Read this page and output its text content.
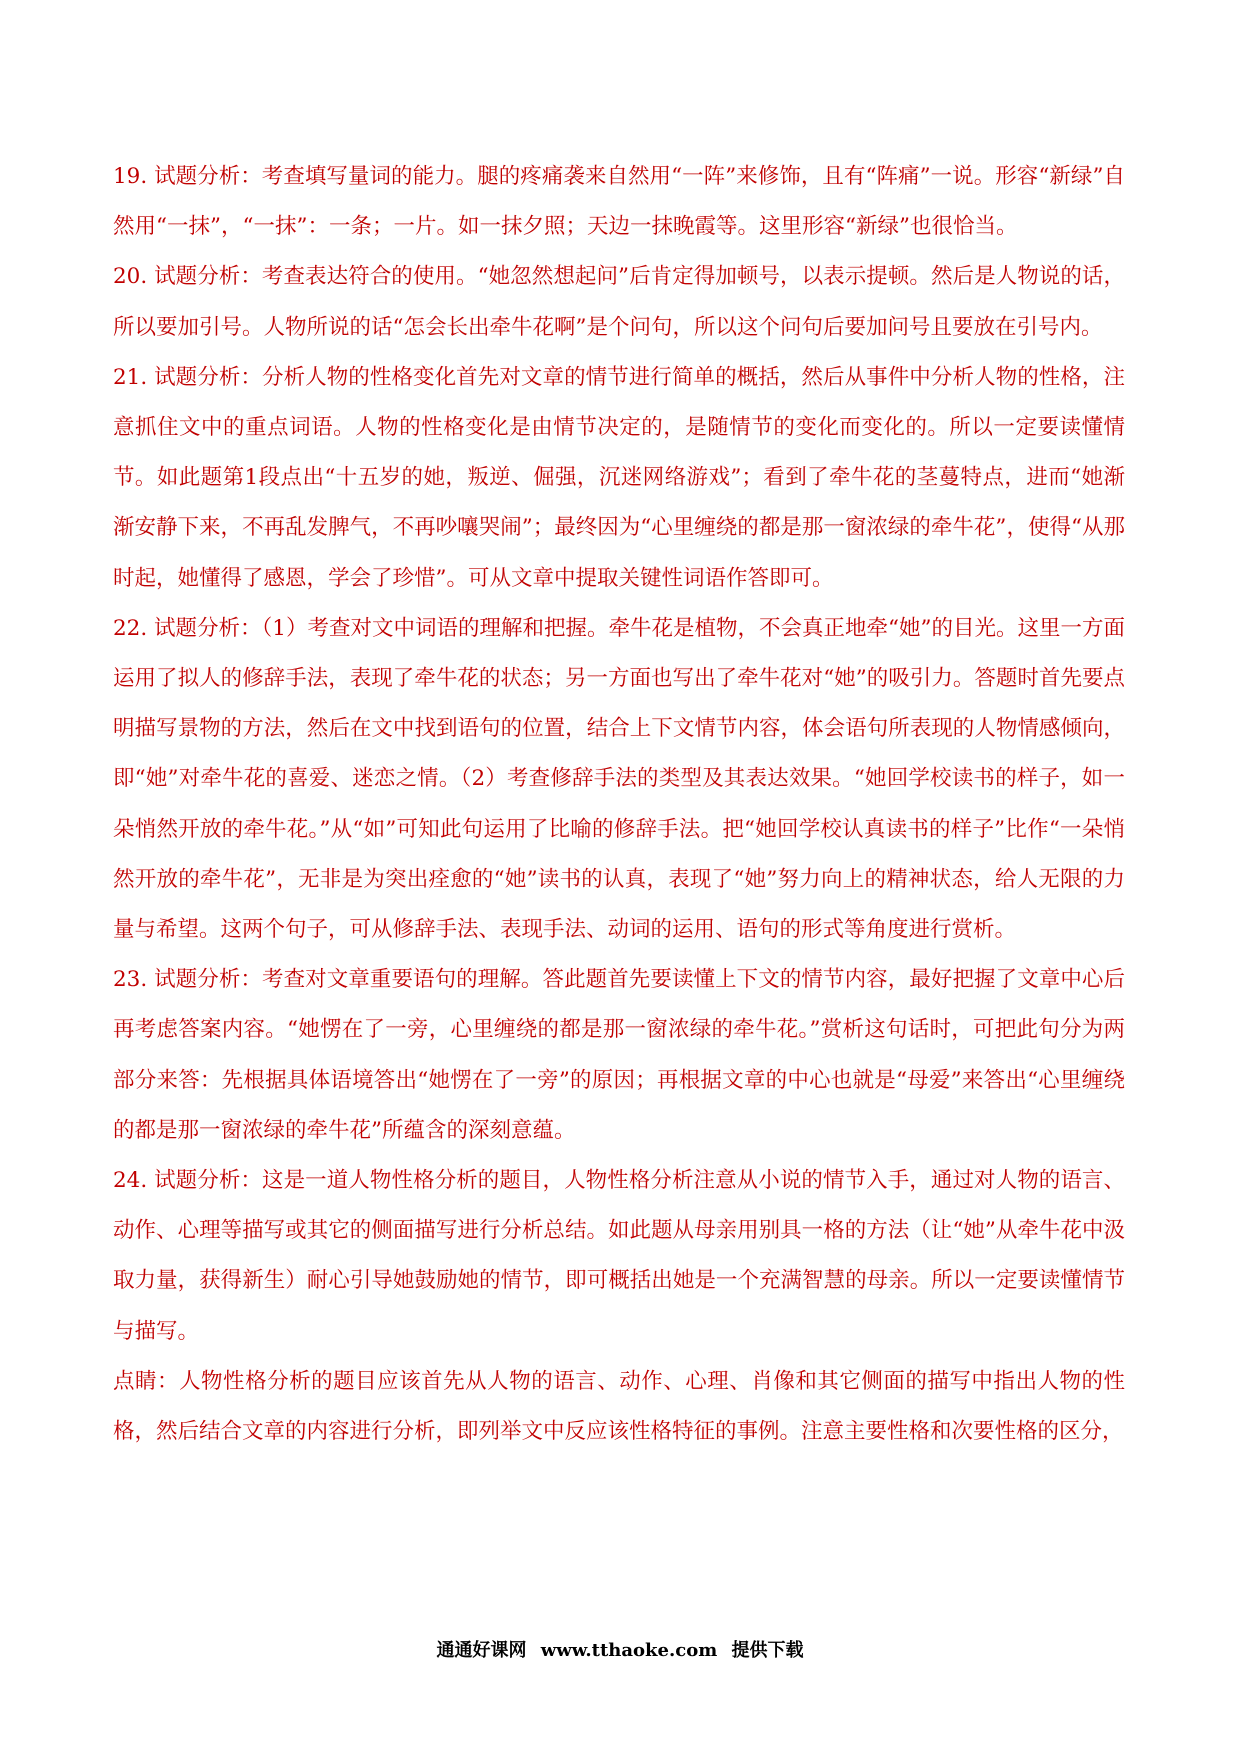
19. 试题分析：考查填写量词的能力。腿的疼痛袭来自然用“一阵”来修饰，且有“阵痛”一说。形容“新绿”自然用“一抹”，“一抹”：一条；一片。如一抹夕照；天边一抹晚霞等。这里形容“新绿”也很恰当。

20. 试题分析：考查表达符合的使用。“她忽然想起问”后肯定得加顿号，以表示提顿。然后是人物说的话，所以要加引号。人物所说的话“怎会长出牵牛花啊”是个问句，所以这个问句后要加问号且要放在引号内。

21. 试题分析：分析人物的性格变化首先对文章的情节进行简单的概括，然后从事件中分析人物的性格，注意抓住文中的重点词语。人物的性格变化是由情节决定的，是随情节的变化而变化的。所以一定要读懂情节。如此题第1段点出“十五岁的她，叛逆、倔强，沉迷网络游戏”；看到了牵牛花的茎蔓特点，进而“她渐渐安静下来，不再乱发脾气，不再吵嚷哭闹”；最终因为“心里缠绕的都是那一窗浓绿的牵牛花”，使得“从那时起，她懂得了感恩，学会了珍惜”。可从文章中提取关键性词语作答即可。

22. 试题分析：（1）考查对文中词语的理解和把握。牵牛花是植物，不会真正地牵“她”的目光。这里一方面运用了拟人的修辞手法，表现了牵牛花的状态；另一方面也写出了牵牛花对“她”的吸引力。答题时首先要点明描写景物的方法，然后在文中找到语句的位置，结合上下文情节内容，体会语句所表现的人物情感倾向，即“她”对牵牛花的喜爱、迷恋之情。（2）考查修辞手法的类型及其表达效果。“她回学校读书的样子，如一朵悄然开放的牵牛花。”从“如”可知此句运用了比喻的修辞手法。把“她回学校认真读书的样子”比作“一朵悄然开放的牵牛花”，无非是为突出痊愈的“她”读书的认真，表现了“她”努力向上的精神状态，给人无限的力量与希望。这两个句子，可从修辞手法、表现手法、动词的运用、语句的形式等角度进行赏析。

23. 试题分析：考查对文章重要语句的理解。答此题首先要读懂上下文的情节内容，最好把握了文章中心后再考虑答案内容。“她愣在了一旁，心里缠绕的都是那一窗浓绿的牵牛花。”赏析这句话时，可把此句分为两部分来答：先根据具体语境答出“她愣在了一旁”的原因；再根据文章的中心也就是“母爱”来答出“心里缠绕的都是那一窗浓绿的牵牛花”所蕴含的深刻意蕴。

24. 试题分析：这是一道人物性格分析的题目，人物性格分析注意从小说的情节入手，通过对人物的语言、动作、心理等描写或其它的侧面描写进行分析总结。如此题从母亲用别具一格的方法（让“她”从牵牛花中汲取力量，获得新生）耐心引导她鼓励她的情节，即可概括出她是一个充满智慧的母亲。所以一定要读懂情节与描写。

点睛：人物性格分析的题目应该首先从人物的语言、动作、心理、肖像和其它侧面的描写中指出人物的性格，然后结合文章的内容进行分析，即列举文中反应该性格特征的事例。注意主要性格和次要性格的区分，

通通好课网 www.tthaoke.com 提供下载
